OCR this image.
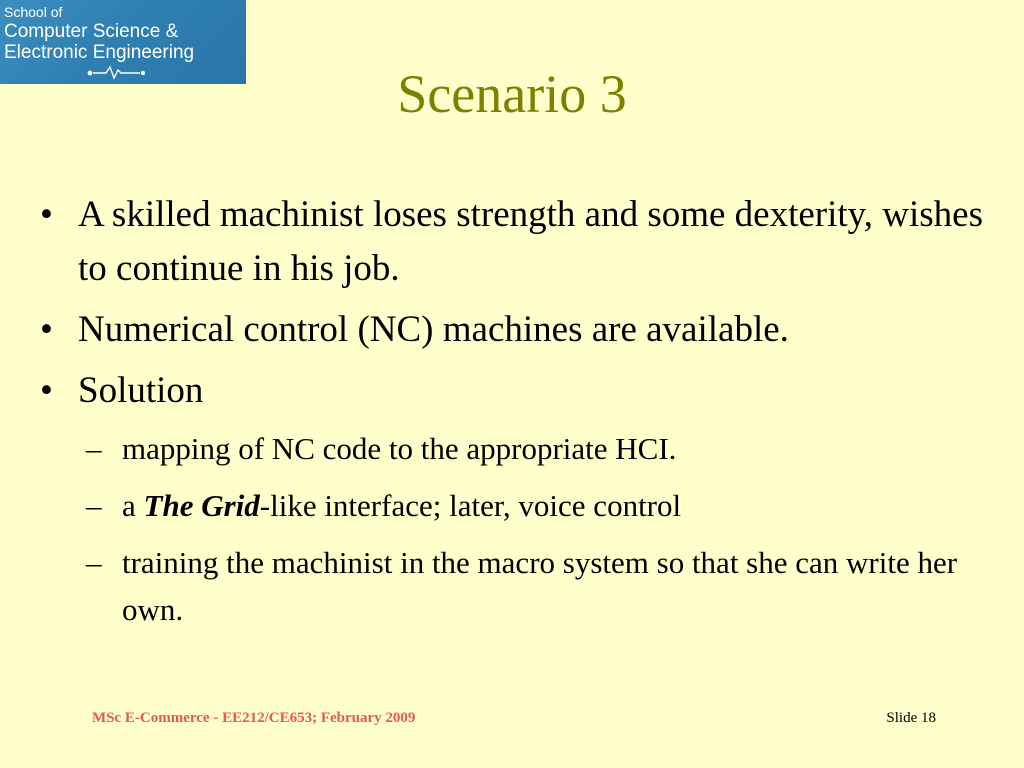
School of
Computer Science &
Electronic Engineering
Scenario 3
• A skilled machinist loses strength and some dexterity, wishes to continue in his job.
• Numerical control (NC) machines are available.
• Solution
– mapping of NC code to the appropriate HCI.
– a The Grid-like interface; later, voice control
– training the machinist in the macro system so that she can write her own.
MSc E-Commerce - EE212/CE653; February 2009	Slide 18
